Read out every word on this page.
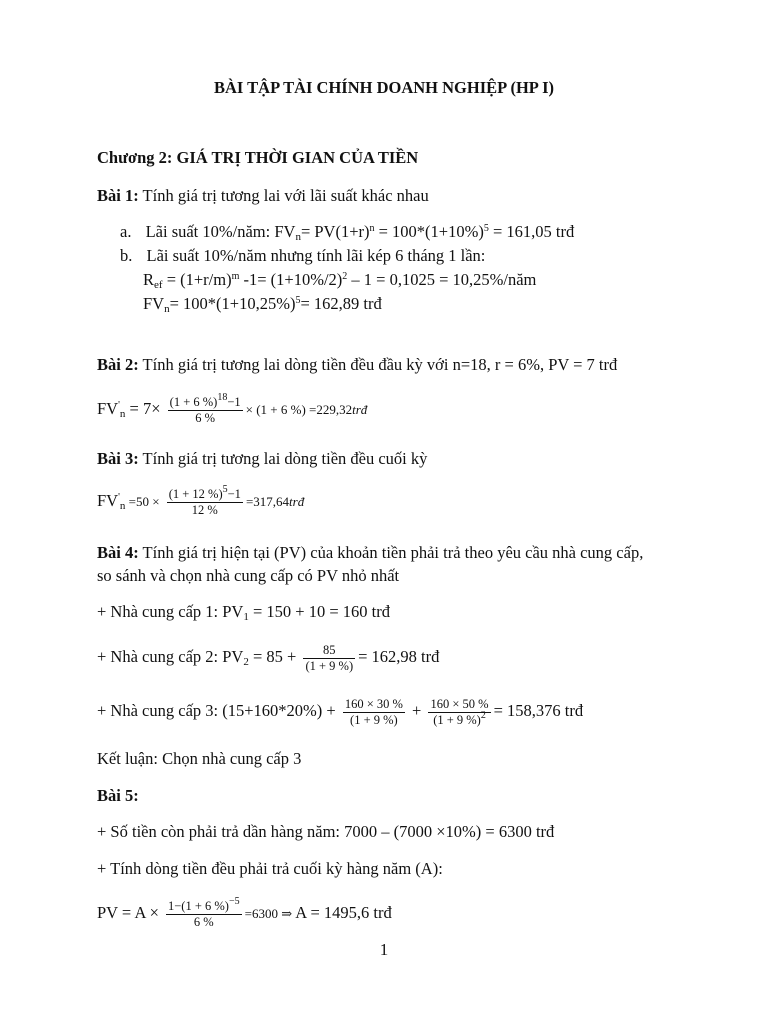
BÀI TẬP TÀI CHÍNH DOANH NGHIỆP (HP I)
Chương 2: GIÁ TRỊ THỜI GIAN CỦA TIỀN
Bài 1: Tính giá trị tương lai với lãi suất khác nhau
a. Lãi suất 10%/năm: $FV_n= PV(1+r)^n = 100*(1+10\%)^5 = 161,05$ trđ
b. Lãi suất 10%/năm nhưng tính lãi kép 6 tháng 1 lần:
$R_{ef} = (1+r/m)^m$ $-1= (1+10\%/2)^2 - 1 = 0,1025$ = 10,25%/năm
$FV_n= 100*(1+10,25\%)^5= 162,89$ trđ
Bài 2: Tính giá trị tương lai dòng tiền đều đầu kỳ với n=18, r = 6%, PV = 7 trđ
$FV'_n = 7\times \frac{(1 + 6 \%)^{18}-1}{6 \%} \times (1 + 6$ %) =229,32trđ
Bài 3: Tính giá trị tương lai dòng tiền đều cuối kỳ
$FV'_n =50 \times \frac{(1 + 12 \%)^5-1}{12 \%}$ =317,64trđ
Bài 4: Tính giá trị hiện tại (PV) của khoản tiền phải trả theo yêu cầu nhà cung cấp,
so sánh và chọn nhà cung cấp có PV nhỏ nhất
+ Nhà cung cấp 1: $PV_1 = 150 + 10 = 160$ trđ
+ Nhà cung cấp 2: $PV_2 = 85 + \frac{85}{(1 + 9 \%)} = 162,98$ trđ
+ Nhà cung cấp 3: $(15+160*20\%) + \frac{160 \times 30 \%}{(1 + 9 \%)} + \frac{160 \times 50 \%}{(1 + 9 \%)^2} = 158,376$ trđ
Kết luận: Chọn nhà cung cấp 3
Bài 5:
+ Số tiền còn phải trả dần hàng năm: 7000 – (7000 ×10%) = 6300 trđ
+ Tính dòng tiền đều phải trả cuối kỳ hàng năm (A):
PV = $A \times \frac{1-(1 + 6 \%)^{-5}}{6 \%} =6300$ ⇒ A = 1495,6 trđ
1
